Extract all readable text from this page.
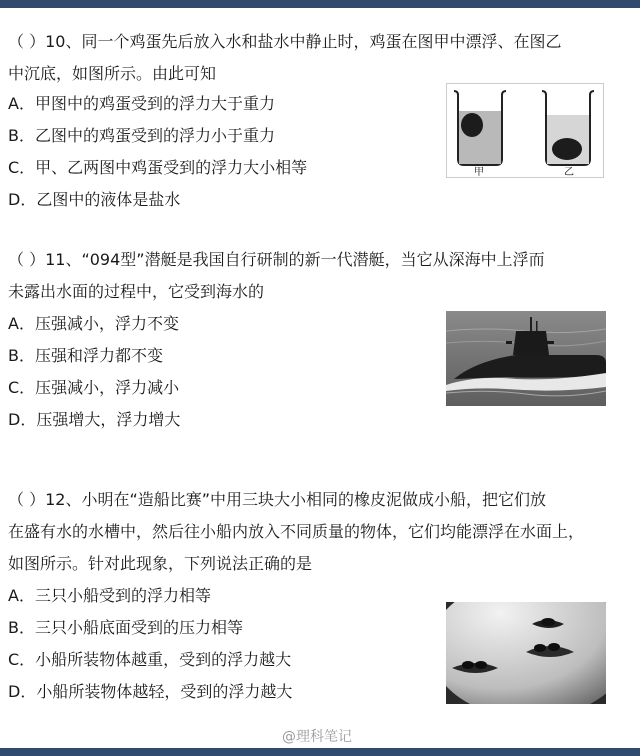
（ ）10、同一个鸡蛋先后放入水和盐水中静止时，鸡蛋在图甲中漂浮、在图乙
中沉底，如图所示。由此可知
A．甲图中的鸡蛋受到的浮力大于重力
B．乙图中的鸡蛋受到的浮力小于重力
C．甲、乙两图中鸡蛋受到的浮力大小相等
D．乙图中的液体是盐水
甲	乙
（ ）11、“094型”潜艇是我国自行研制的新一代潜艇，当它从深海中上浮而
未露出水面的过程中，它受到海水的
A．压强减小，浮力不变
B．压强和浮力都不变
C．压强减小，浮力减小
D．压强增大，浮力增大
（ ）12、小明在“造船比赛”中用三块大小相同的橡皮泥做成小船，把它们放
在盛有水的水槽中，然后往小船内放入不同质量的物体，它们均能漂浮在水面上，
如图所示。针对此现象，下列说法正确的是
A．三只小船受到的浮力相等
B．三只小船底面受到的压力相等
C．小船所装物体越重，受到的浮力越大
D．小船所装物体越轻，受到的浮力越大
@理科笔记
